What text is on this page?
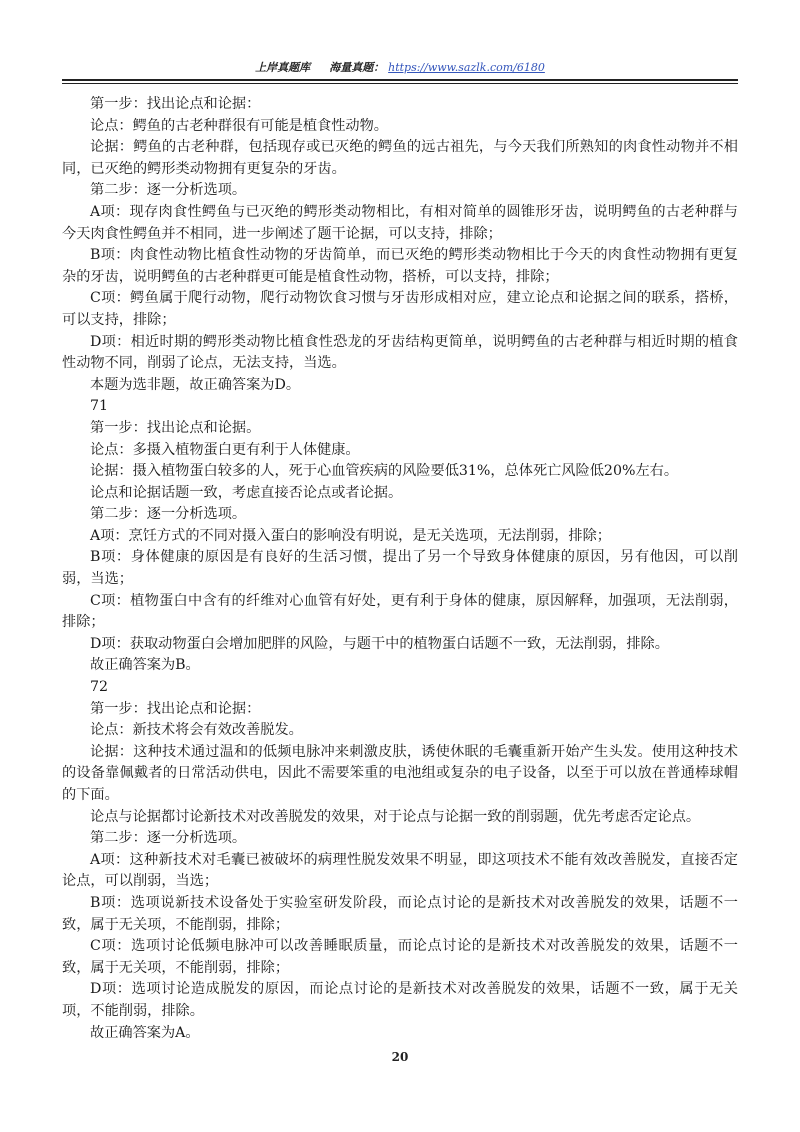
上岸真题库 海量真题： https://www.sazlk.com/6180

第一步：找出论点和论据：

论点：鳄鱼的古老种群很有可能是植食性动物。

论据：鳄鱼的古老种群，包括现存或已灭绝的鳄鱼的远古祖先，与今天我们所熟知的肉食性动物并不相同，已灭绝的鳄形类动物拥有更复杂的牙齿。

第二步：逐一分析选项。

A项：现存肉食性鳄鱼与已灭绝的鳄形类动物相比，有相对简单的圆锥形牙齿，说明鳄鱼的古老种群与今天肉食性鳄鱼并不相同，进一步阐述了题干论据，可以支持，排除；

B项：肉食性动物比植食性动物的牙齿简单，而已灭绝的鳄形类动物相比于今天的肉食性动物拥有更复杂的牙齿，说明鳄鱼的古老种群更可能是植食性动物，搭桥，可以支持，排除；

C项：鳄鱼属于爬行动物，爬行动物饮食习惯与牙齿形成相对应，建立论点和论据之间的联系，搭桥，可以支持，排除；

D项：相近时期的鳄形类动物比植食性恐龙的牙齿结构更简单，说明鳄鱼的古老种群与相近时期的植食性动物不同，削弱了论点，无法支持，当选。

本题为选非题，故正确答案为D。

71

第一步：找出论点和论据。

论点：多摄入植物蛋白更有利于人体健康。

论据：摄入植物蛋白较多的人，死于心血管疾病的风险要低31%，总体死亡风险低20%左右。

论点和论据话题一致，考虑直接否论点或者论据。

第二步：逐一分析选项。

A项：烹饪方式的不同对摄入蛋白的影响没有明说，是无关选项，无法削弱，排除；

B项：身体健康的原因是有良好的生活习惯，提出了另一个导致身体健康的原因，另有他因，可以削弱，当选；

C项：植物蛋白中含有的纤维对心血管有好处，更有利于身体的健康，原因解释，加强项，无法削弱，排除；

D项：获取动物蛋白会增加肥胖的风险，与题干中的植物蛋白话题不一致，无法削弱，排除。

故正确答案为B。

72

第一步：找出论点和论据：

论点：新技术将会有效改善脱发。

论据：这种技术通过温和的低频电脉冲来刺激皮肤，诱使休眠的毛囊重新开始产生头发。使用这种技术的设备靠佩戴者的日常活动供电，因此不需要笨重的电池组或复杂的电子设备，以至于可以放在普通棒球帽的下面。

论点与论据都讨论新技术对改善脱发的效果，对于论点与论据一致的削弱题，优先考虑否定论点。

第二步：逐一分析选项。

A项：这种新技术对毛囊已被破坏的病理性脱发效果不明显，即这项技术不能有效改善脱发，直接否定论点，可以削弱，当选；

B项：选项说新技术设备处于实验室研发阶段，而论点讨论的是新技术对改善脱发的效果，话题不一致，属于无关项，不能削弱，排除；

C项：选项讨论低频电脉冲可以改善睡眠质量，而论点讨论的是新技术对改善脱发的效果，话题不一致，属于无关项，不能削弱，排除；

D项：选项讨论造成脱发的原因，而论点讨论的是新技术对改善脱发的效果，话题不一致，属于无关项，不能削弱，排除。

故正确答案为A。

20
